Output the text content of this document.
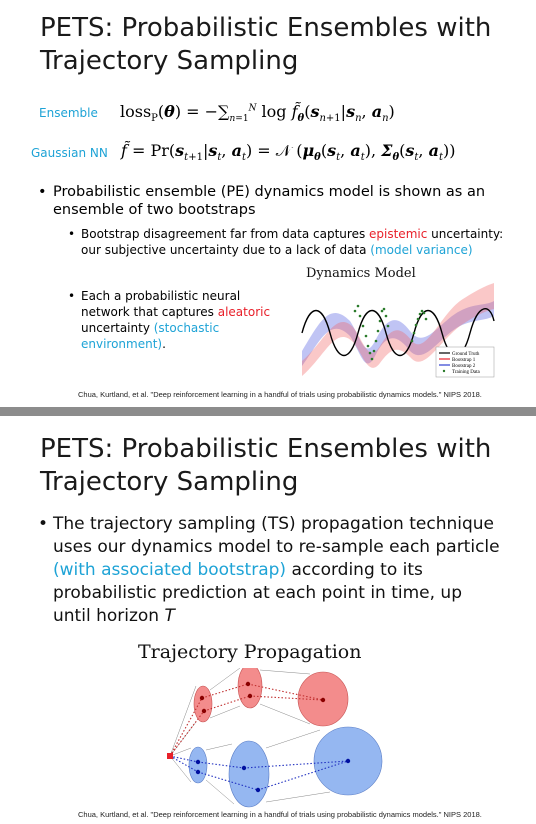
PETS: Probabilistic Ensembles with Trajectory Sampling
Ensemble loss$_P$(θ) = $-\sum_{n=1}^N$ $\log f̃_\theta(s_{n+1}|s_n$, $a_n$)
Gaussian NN f̃ = $Pr(s_{t+1}|s_t$, $a_t$) = 𝒩 ($\mu_\theta(s_t$, $a_t$), $\Sigma_\theta(s_t$, $a_t$))
• Probabilistic ensemble (PE) dynamics model is shown as an ensemble of two bootstraps
• Bootstrap disagreement far from data captures epistemic uncertainty: our subjective uncertainty due to a lack of data (model variance)
• Each a probabilistic neural network that captures aleatoric uncertainty (stochastic environment).
Dynamics Model
Ground Truth
Bootstrap 1
Bootstrap 2
Training Data
Chua, Kurtland, et al. "Deep reinforcement learning in a handful of trials using probabilistic dynamics models." NIPS 2018.
PETS: Probabilistic Ensembles with Trajectory Sampling
• The trajectory sampling (TS) propagation technique uses our dynamics model to re-sample each particle (with associated bootstrap) according to its probabilistic prediction at each point in time, up until horizon T
Trajectory Propagation
Chua, Kurtland, et al. "Deep reinforcement learning in a handful of trials using probabilistic dynamics models." NIPS 2018.
